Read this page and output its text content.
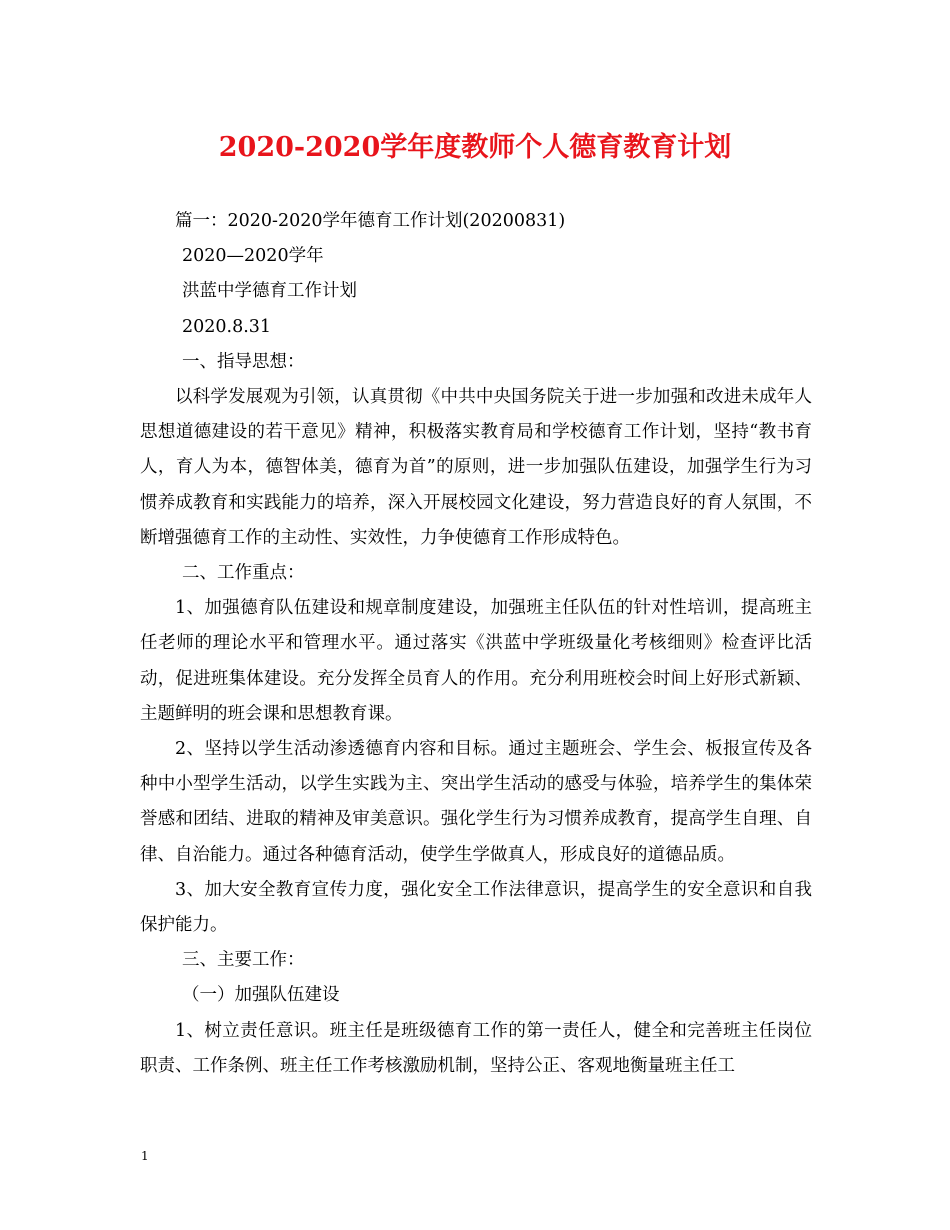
2020-2020学年度教师个人德育教育计划

篇一：2020-2020学年德育工作计划(20200831)

2020—2020学年

洪蓝中学德育工作计划

2020.8.31

一、指导思想：

以科学发展观为引领，认真贯彻《中共中央国务院关于进一步加强和改进未成年人思想道德建设的若干意见》精神，积极落实教育局和学校德育工作计划，坚持“教书育人，育人为本，德智体美，德育为首”的原则，进一步加强队伍建设，加强学生行为习惯养成教育和实践能力的培养，深入开展校园文化建设，努力营造良好的育人氛围，不断增强德育工作的主动性、实效性，力争使德育工作形成特色。

二、工作重点：

1、加强德育队伍建设和规章制度建设，加强班主任队伍的针对性培训，提高班主任老师的理论水平和管理水平。通过落实《洪蓝中学班级量化考核细则》检查评比活动，促进班集体建设。充分发挥全员育人的作用。充分利用班校会时间上好形式新颖、主题鲜明的班会课和思想教育课。

2、坚持以学生活动渗透德育内容和目标。通过主题班会、学生会、板报宣传及各种中小型学生活动，以学生实践为主、突出学生活动的感受与体验，培养学生的集体荣誉感和团结、进取的精神及审美意识。强化学生行为习惯养成教育，提高学生自理、自律、自治能力。通过各种德育活动，使学生学做真人，形成良好的道德品质。

3、加大安全教育宣传力度，强化安全工作法律意识，提高学生的安全意识和自我保护能力。

三、主要工作：

（一）加强队伍建设

1、树立责任意识。班主任是班级德育工作的第一责任人，健全和完善班主任岗位职责、工作条例、班主任工作考核激励机制，坚持公正、客观地衡量班主任工

1
